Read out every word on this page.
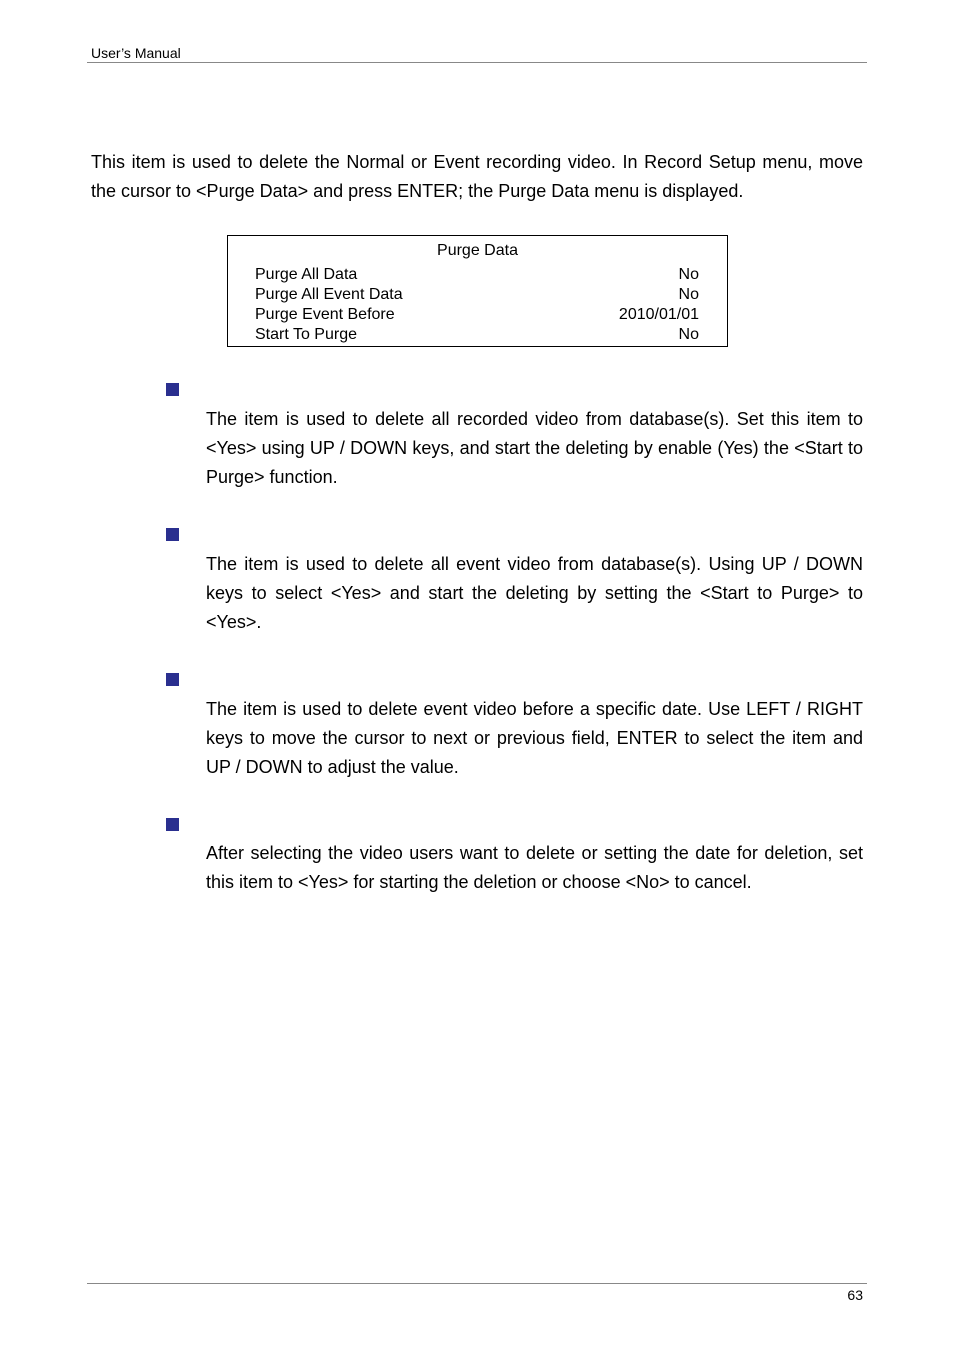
User’s Manual

This item is used to delete the Normal or Event recording video. In Record Setup menu, move the cursor to <Purge Data> and press ENTER; the Purge Data menu is displayed.

Purge Data
Purge All Data	No
Purge All Event Data	No
Purge Event Before	2010/01/01
Start To Purge	No

The item is used to delete all recorded video from database(s). Set this item to <Yes> using UP / DOWN keys, and start the deleting by enable (Yes) the <Start to Purge> function.

The item is used to delete all event video from database(s). Using UP / DOWN keys to select <Yes> and start the deleting by setting the <Start to Purge> to <Yes>.

The item is used to delete event video before a specific date. Use LEFT / RIGHT keys to move the cursor to next or previous field, ENTER to select the item and UP / DOWN to adjust the value.

After selecting the video users want to delete or setting the date for deletion, set this item to <Yes> for starting the deletion or choose <No> to cancel.

63
